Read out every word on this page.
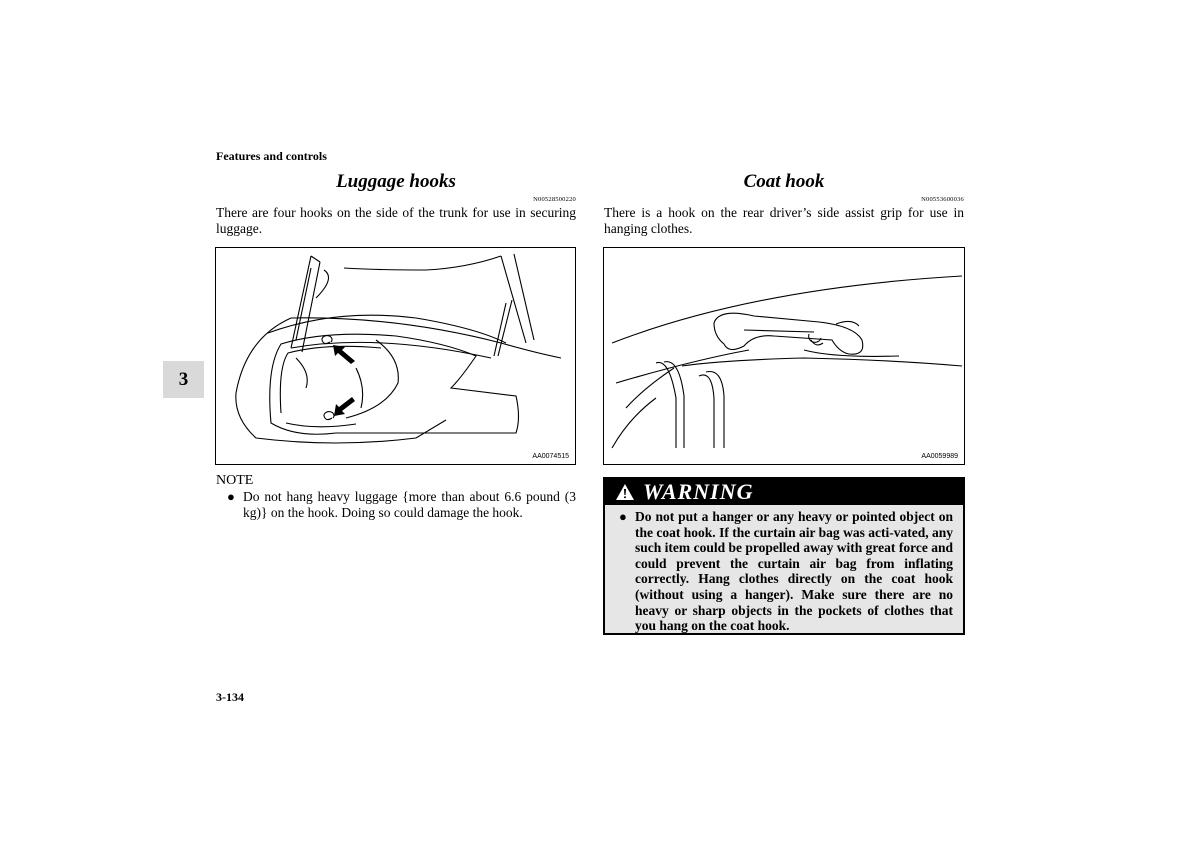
Features and controls
3
Luggage hooks
N00528500220
There are four hooks on the side of the trunk for use in securing luggage.
AA0074515
NOTE
● Do not hang heavy luggage {more than about 6.6 pound (3 kg)} on the hook. Doing so could damage the hook.
Coat hook
N00553600036
There is a hook on the rear driver’s side assist grip for use in hanging clothes.
AA0059989
WARNING
● Do not put a hanger or any heavy or pointed object on the coat hook. If the curtain air bag was acti-vated, any such item could be propelled away with great force and could prevent the curtain air bag from inflating correctly. Hang clothes directly on the coat hook (without using a hanger). Make sure there are no heavy or sharp objects in the pockets of clothes that you hang on the coat hook.
3-134
